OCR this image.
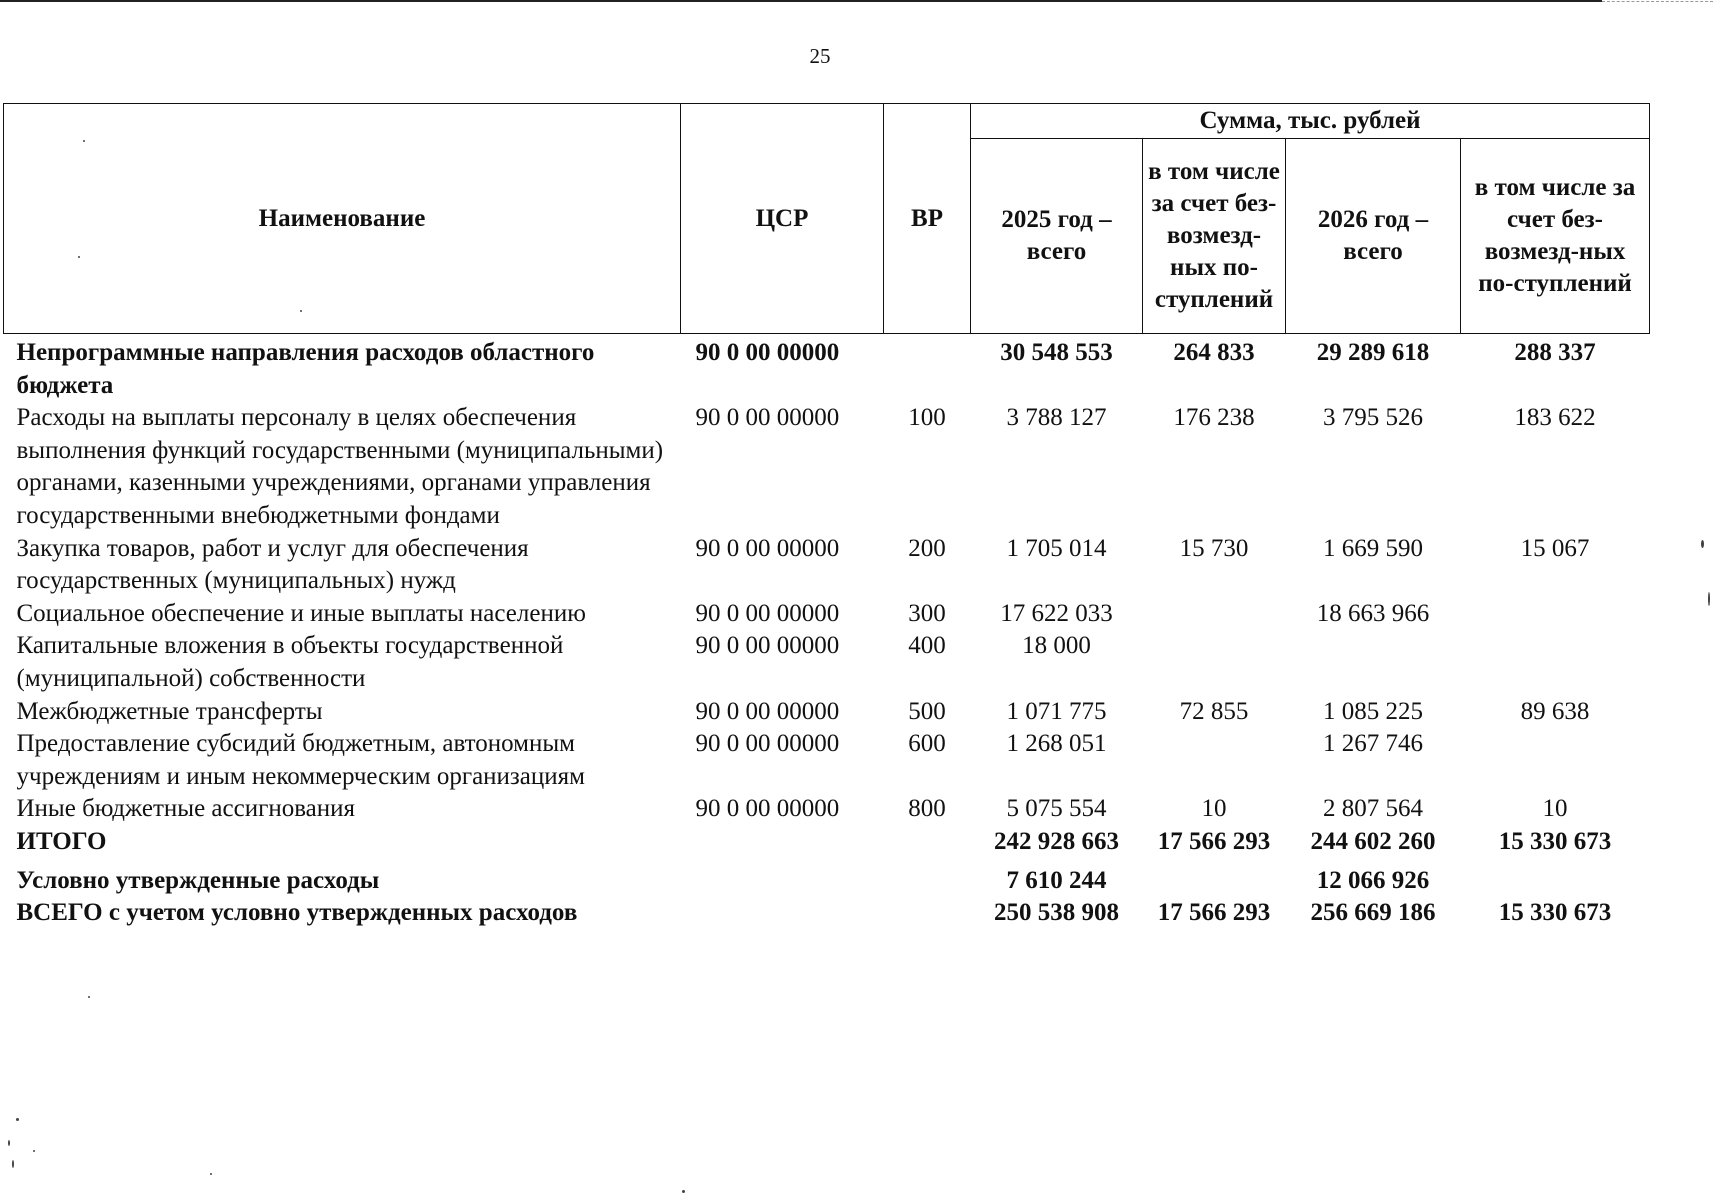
25
Наименование	ЦСР	ВР	Сумма, тыс. рублей			
			2025 год – всего	в том числе за счет без-возмезд-ных по-ступлений	2026 год – всего	в том числе за счет без-возмезд-ных по-ступлений
Непрограммные направления расходов областного бюджета	90 0 00 00000		30 548 553	264 833	29 289 618	288 337
Расходы на выплаты персоналу в целях обеспечения выполнения функций государственными (муниципальными) органами, казенными учреждениями, органами управления государственными внебюджетными фондами	90 0 00 00000	100	3 788 127	176 238	3 795 526	183 622
Закупка товаров, работ и услуг для обеспечения государственных (муниципальных) нужд	90 0 00 00000	200	1 705 014	15 730	1 669 590	15 067
Социальное обеспечение и иные выплаты населению	90 0 00 00000	300	17 622 033		18 663 966	
Капитальные вложения в объекты государственной (муниципальной) собственности	90 0 00 00000	400	18 000			
Межбюджетные трансферты	90 0 00 00000	500	1 071 775	72 855	1 085 225	89 638
Предоставление субсидий бюджетным, автономным учреждениям и иным некоммерческим организациям	90 0 00 00000	600	1 268 051		1 267 746	
Иные бюджетные ассигнования	90 0 00 00000	800	5 075 554	10	2 807 564	10
ИТОГО			242 928 663	17 566 293	244 602 260	15 330 673
Условно утвержденные расходы			7 610 244		12 066 926	
ВСЕГО с учетом условно утвержденных расходов			250 538 908	17 566 293	256 669 186	15 330 673
